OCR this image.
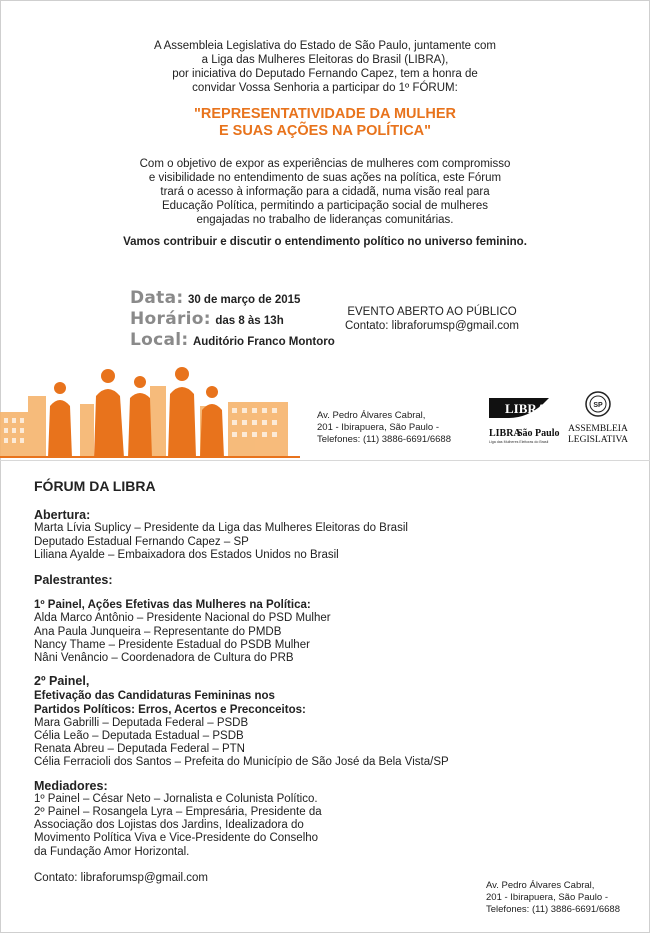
A Assembleia Legislativa do Estado de São Paulo, juntamente com

a Liga das Mulheres Eleitoras do Brasil (LIBRA),

por iniciativa do Deputado Fernando Capez, tem a honra de

convidar Vossa Senhoria a participar do 1º FÓRUM:

"REPRESENTATIVIDADE DA MULHER
E SUAS AÇÕES NA POLÍTICA"

Com o objetivo de expor as experiências de mulheres com compromisso

e visibilidade no entendimento de suas ações na política, este Fórum

trará o acesso à informação para a cidadã, numa visão real para

Educação Política, permitindo a participação social de mulheres

engajadas no trabalho de lideranças comunitárias.

Vamos contribuir e discutir o entendimento político no universo feminino.
Data: 30 de março de 2015
Horário: das 8 às 13h
Local: Auditório Franco Montoro
EVENTO ABERTO AO PÚBLICO
Contato: libraforumsp@gmail.com
Av. Pedro Álvares Cabral,
201 - Ibirapuera, São Paulo -
Telefones: (11) 3886-6691/6688
LIBRA
LIBRA
São Paulo
Liga das Mulheres Eleitoras do Brasil
SP
ASSEMBLEIA
LEGISLATIVA
FÓRUM DA LIBRA
Abertura:
Marta Lívia Suplicy – Presidente da Liga das Mulheres Eleitoras do Brasil
Deputado Estadual Fernando Capez – SP
Liliana Ayalde – Embaixadora dos Estados Unidos no Brasil
Palestrantes:
1º Painel, Ações Efetivas das Mulheres na Política:
Alda Marco Antônio – Presidente Nacional do PSD Mulher
Ana Paula Junqueira – Representante do PMDB
Nancy Thame – Presidente Estadual do PSDB Mulher
Nâni Venâncio – Coordenadora de Cultura do PRB
2º Painel,
Efetivação das Candidaturas Femininas nos
Partidos Políticos: Erros, Acertos e Preconceitos:
Mara Gabrilli – Deputada Federal – PSDB
Célia Leão – Deputada Estadual – PSDB
Renata Abreu – Deputada Federal – PTN
Célia Ferracioli dos Santos – Prefeita do Município de São José da Bela Vista/SP
Mediadores:
1º Painel – César Neto – Jornalista e Colunista Político.
2º Painel – Rosangela Lyra – Empresária, Presidente da
Associação dos Lojistas dos Jardins, Idealizadora do
Movimento Política Viva e Vice-Presidente do Conselho
da Fundação Amor Horizontal.
Contato: libraforumsp@gmail.com
Av. Pedro Álvares Cabral,
201 - Ibirapuera, São Paulo -
Telefones: (11) 3886-6691/6688
